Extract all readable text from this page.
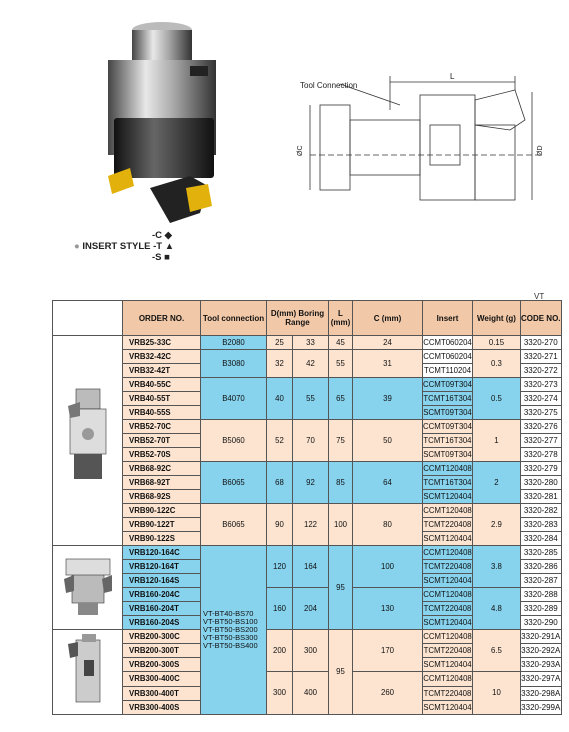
Tool Connection
L
ØC	ØD
-C ◆
● INSERT STYLE -T ▲
-S ■
VT
	ORDER NO.	Tool connection	D(mm) Boring Range		L (mm)	C (mm)	Insert	Weight (g)	CODE NO.
	VRB25-33C	B2080	25	33	45	24	CCMT060204	0.15	3320-270
	VRB32-42C	B3080	32	42	55	31	CCMT060204	0.3	3320-271
	VRB32-42T						TCMT110204		3320-272
	VRB40-55C	B4070	40	55	65	39	CCMT09T304	0.5	3320-273
	VRB40-55T						TCMT16T304		3320-274
	VRB40-55S						SCMT09T304		3320-275
	VRB52-70C	B5060	52	70	75	50	CCMT09T304	1	3320-276
	VRB52-70T						TCMT16T304		3320-277
	VRB52-70S						SCMT09T304		3320-278
	VRB68-92C	B6065	68	92	85	64	CCMT120408	2	3320-279
	VRB68-92T						TCMT16T304		3320-280
	VRB68-92S						SCMT120404		3320-281
	VRB90-122C	B6065	90	122	100	80	CCMT120408	2.9	3320-282
	VRB90-122T						TCMT220408		3320-283
	VRB90-122S						SCMT120404		3320-284
	VRB120-164C	VT-BT40-BS70
VT-BT50-BS100
VT-BT50-BS200
VT-BT50-BS300
VT-BT50-BS400	120	164	95	100	CCMT120408	3.8	3320-285
	VRB120-164T						TCMT220408		3320-286
	VRB120-164S						SCMT120404		3320-287
	VRB160-204C		160	204		130	CCMT120408	4.8	3320-288
	VRB160-204T						TCMT220408		3320-289
	VRB160-204S						SCMT120404		3320-290
	VRB200-300C		200	300	95	170	CCMT120408	6.5	3320-291A
	VRB200-300T						TCMT220408		3320-292A
	VRB200-300S						SCMT120404		3320-293A
	VRB300-400C		300	400		260	CCMT120408	10	3320-297A
	VRB300-400T						TCMT220408		3320-298A
	VRB300-400S						SCMT120404		3320-299A
